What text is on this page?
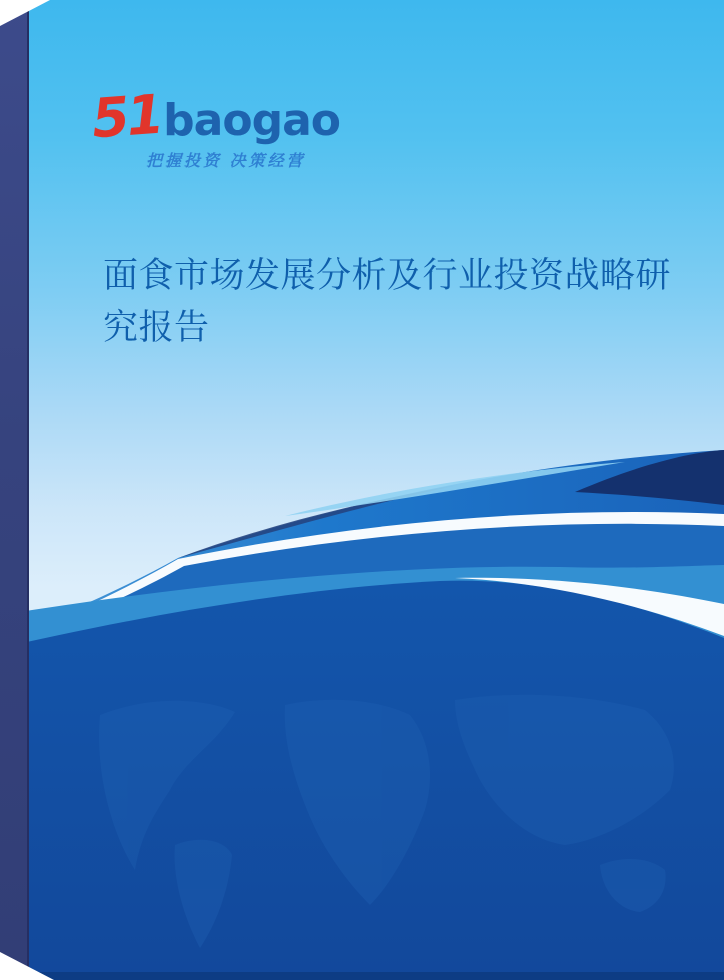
51 baogao
把握投资 决策经营
面食市场发展分析及行业投资战略研究报告
